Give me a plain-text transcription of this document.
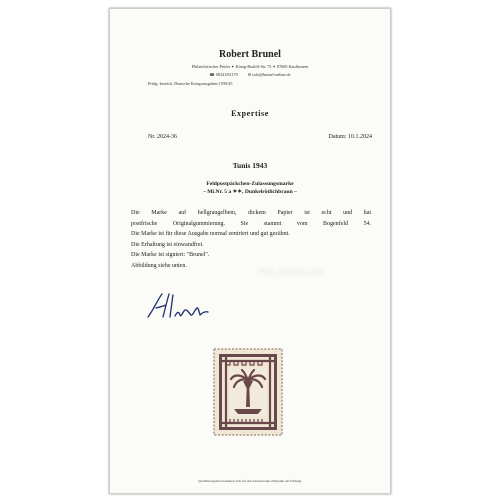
Robert Brunel
Philatelistischer Prüfer ✦ König-Rudolf-Str. 73 ✦ 87600 Kaufbeuren
☎ 08341/81170 ✉ info@brunel-online.de
Prüfg.-bereich: Deutsche Kriegsausgaben 1939/45
Expertise
Nr. 2024-36	Datum: 10.1.2024
Tunis 1943
Feldpostpäckchen-Zulassungsmarke
– Mi.Nr. 5 a ✶✶, Dunkelrötlichbraun –
Die Marke auf hellgraugelbem, dickem Papier ist echt und hat
postfrische Originalgummierung. Sie stammt vom Bogenfeld 54.
Die Marke ist für diese Ausgabe normal zentriert und gut gezähnt.
Die Erhaltung ist einwandfrei.
Die Marke ist signiert: "Brunel".
Abbildung siehe unten.
PHILAVERSAND
Qualitätsangaben beziehen sich auf den Zustand zum Zeitpunkt der Prüfung.
